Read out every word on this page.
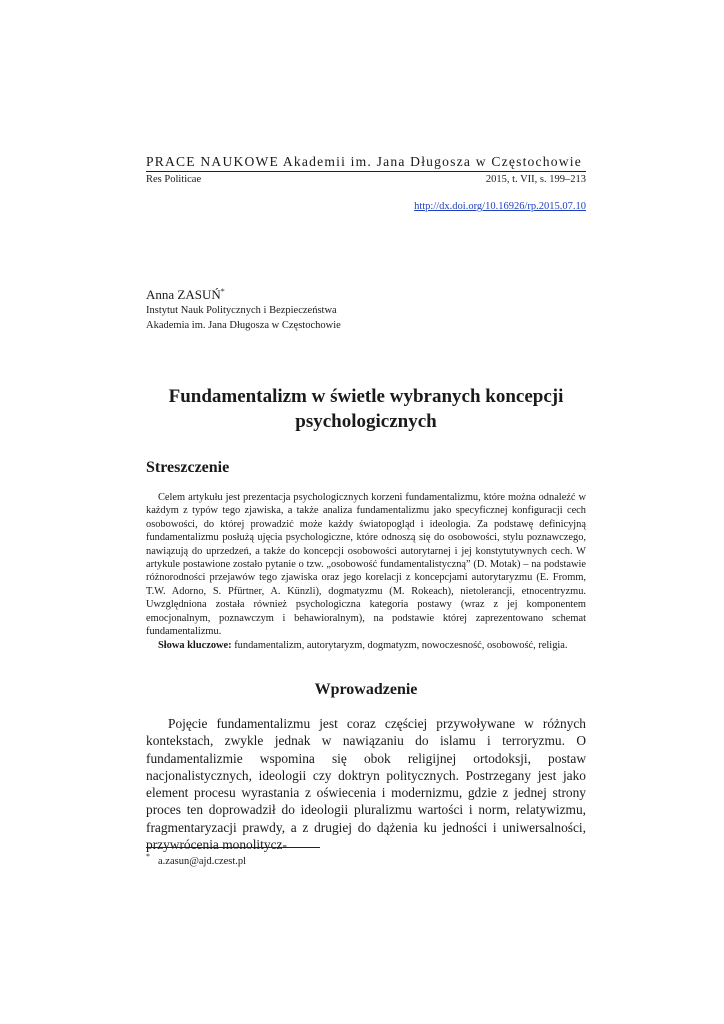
PRACE NAUKOWE Akademii im. Jana Długosza w Częstochowie
Res Politicae	2015, t. VII, s. 199–213
http://dx.doi.org/10.16926/rp.2015.07.10
Anna ZASUŃ*
Instytut Nauk Politycznych i Bezpieczeństwa
Akademia im. Jana Długosza w Częstochowie
Fundamentalizm w świetle wybranych koncepcji psychologicznych
Streszczenie

Celem artykułu jest prezentacja psychologicznych korzeni fundamentalizmu, które można odnaleźć w każdym z typów tego zjawiska, a także analiza fundamentalizmu jako specyficznej konfiguracji cech osobowości, do której prowadzić może każdy światopogląd i ideologia. Za podstawę definicyjną fundamentalizmu posłużą ujęcia psychologiczne, które odnoszą się do osobowości, stylu poznawczego, nawiązują do uprzedzeń, a także do koncepcji osobowości autorytarnej i jej konstytutywnych cech. W artykule postawione zostało pytanie o tzw. „osobowość fundamentalistyczną” (D. Motak) – na podstawie różnorodności przejawów tego zjawiska oraz jego korelacji z koncepcjami autorytaryzmu (E. Fromm, T.W. Adorno, S. Pfürtner, A. Künzli), dogmatyzmu (M. Rokeach), nietolerancji, etnocentryzmu. Uwzględniona została również psychologiczna kategoria postawy (wraz z jej komponentem emocjonalnym, poznawczym i behawioralnym), na podstawie której zaprezentowano schemat fundamentalizmu.

Słowa kluczowe: fundamentalizm, autorytaryzm, dogmatyzm, nowoczesność, osobowość, religia.

Wprowadzenie

Pojęcie fundamentalizmu jest coraz częściej przywoływane w różnych kontekstach, zwykle jednak w nawiązaniu do islamu i terroryzmu. O fundamentalizmie wspomina się obok religijnej ortodoksji, postaw nacjonalistycznych, ideologii czy doktryn politycznych. Postrzegany jest jako element procesu wyrastania z oświecenia i modernizmu, gdzie z jednej strony proces ten doprowadził do ideologii pluralizmu wartości i norm, relatywizmu, fragmentaryzacji prawdy, a z drugiej do dążenia ku jedności i uniwersalności, przywrócenia monolitycz-

* a.zasun@ajd.czest.pl
